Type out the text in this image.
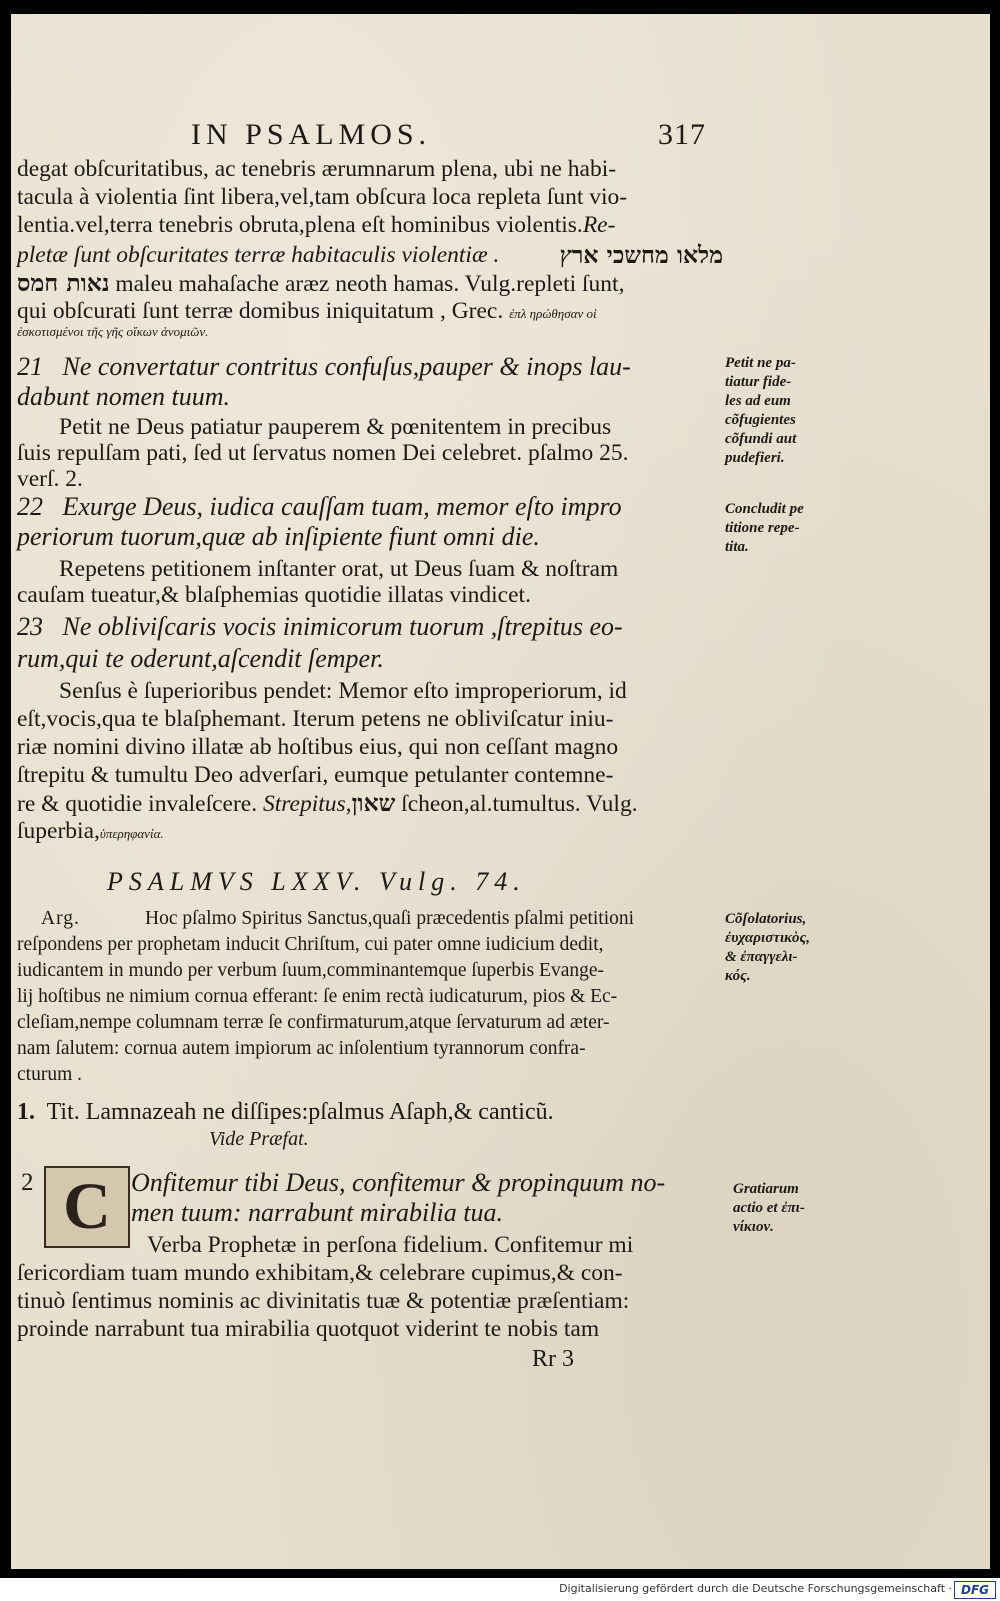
IN PSALMOS.	317
degat obſcuritatibus, ac tenebris ærumnarum plena, ubi ne habi-
tacula à violentia ſint libera,vel,tam obſcura loca repleta ſunt vio-
lentia.vel,terra tenebris obruta,plena eſt hominibus violentis.Re-
pletæ ſunt obſcuritates terræ habitaculis violentiæ .	מלאו מחשכי ארץ
נאות חמס maleu mahaſache aræz neoth hamas. Vulg.repleti ſunt,
qui obſcurati ſunt terræ domibus iniquitatum , Grec. ἐπλ ηρώθησαν οἱ
ἐσκοτισμένοι τῆς γῆς οἴκων ἀνομιῶν.
21 Ne convertatur contritus confuſus,pauper & inops lau-
dabunt nomen tuum.
Petit ne Deus patiatur pauperem & pœnitentem in precibus
ſuis repulſam pati, ſed ut ſervatus nomen Dei celebret. pſalmo 25.
verſ. 2.
22 Exurge Deus, iudica cauſſam tuam, memor eſto impro
periorum tuorum,quæ ab inſipiente fiunt omni die.
Repetens petitionem inſtanter orat, ut Deus ſuam & noſtram
cauſam tueatur,& blaſphemias quotidie illatas vindicet.
23 Ne obliviſcaris vocis inimicorum tuorum ,ſtrepitus eo-
rum,qui te oderunt,aſcendit ſemper.
Senſus è ſuperioribus pendet: Memor eſto improperiorum, id
eſt,vocis,qua te blaſphemant. Iterum petens ne obliviſcatur iniu-
riæ nomini divino illatæ ab hoſtibus eius, qui non ceſſant magno
ſtrepitu & tumultu Deo adverſari, eumque petulanter contemne-
re & quotidie invaleſcere. Strepitus,שאון ſcheon,al.tumultus. Vulg.
ſuperbia,ὑπερηφανία.
PSALMVS LXXV. Vulg. 74.
Arg.	Hoc pſalmo Spiritus Sanctus,quaſi præcedentis pſalmi petitioni
reſpondens per prophetam inducit Chriſtum, cui pater omne iudicium dedit,
iudicantem in mundo per verbum ſuum,comminantemque ſuperbis Evange-
lij hoſtibus ne nimium cornua efferant: ſe enim rectà iudicaturum, pios & Ec-
cleſiam,nempe columnam terræ ſe confirmaturum,atque ſervaturum ad æter-
nam ſalutem: cornua autem impiorum ac inſolentium tyrannorum confra-
cturum .
1. Tit. Lamnazeah ne diſſipes:pſalmus Aſaph,& canticũ.
Vide Præfat.
2 C Onfitemur tibi Deus, confitemur & propinquum no-
men tuum: narrabunt mirabilia tua.
Verba Prophetæ in perſona fidelium. Confitemur mi
ſericordiam tuam mundo exhibitam,& celebrare cupimus,& con-
tinuò ſentimus nominis ac divinitatis tuæ & potentiæ præſentiam:
proinde narrabunt tua mirabilia quotquot viderint te nobis tam
Rr 3
Petit ne pa-
tiatur fide-
les ad eum
cõfugientes
cõfundi aut
pudefieri.
Concludit pe
titione repe-
tita.
Cõſolatorius,
ἐυχαριστικὸς,
& ἐπαγγελι-
κός.
Gratiarum
actio et ἐπι-
νίκιον.
Digitalisierung gefördert durch die Deutsche Forschungsgemeinschaft · DFG
